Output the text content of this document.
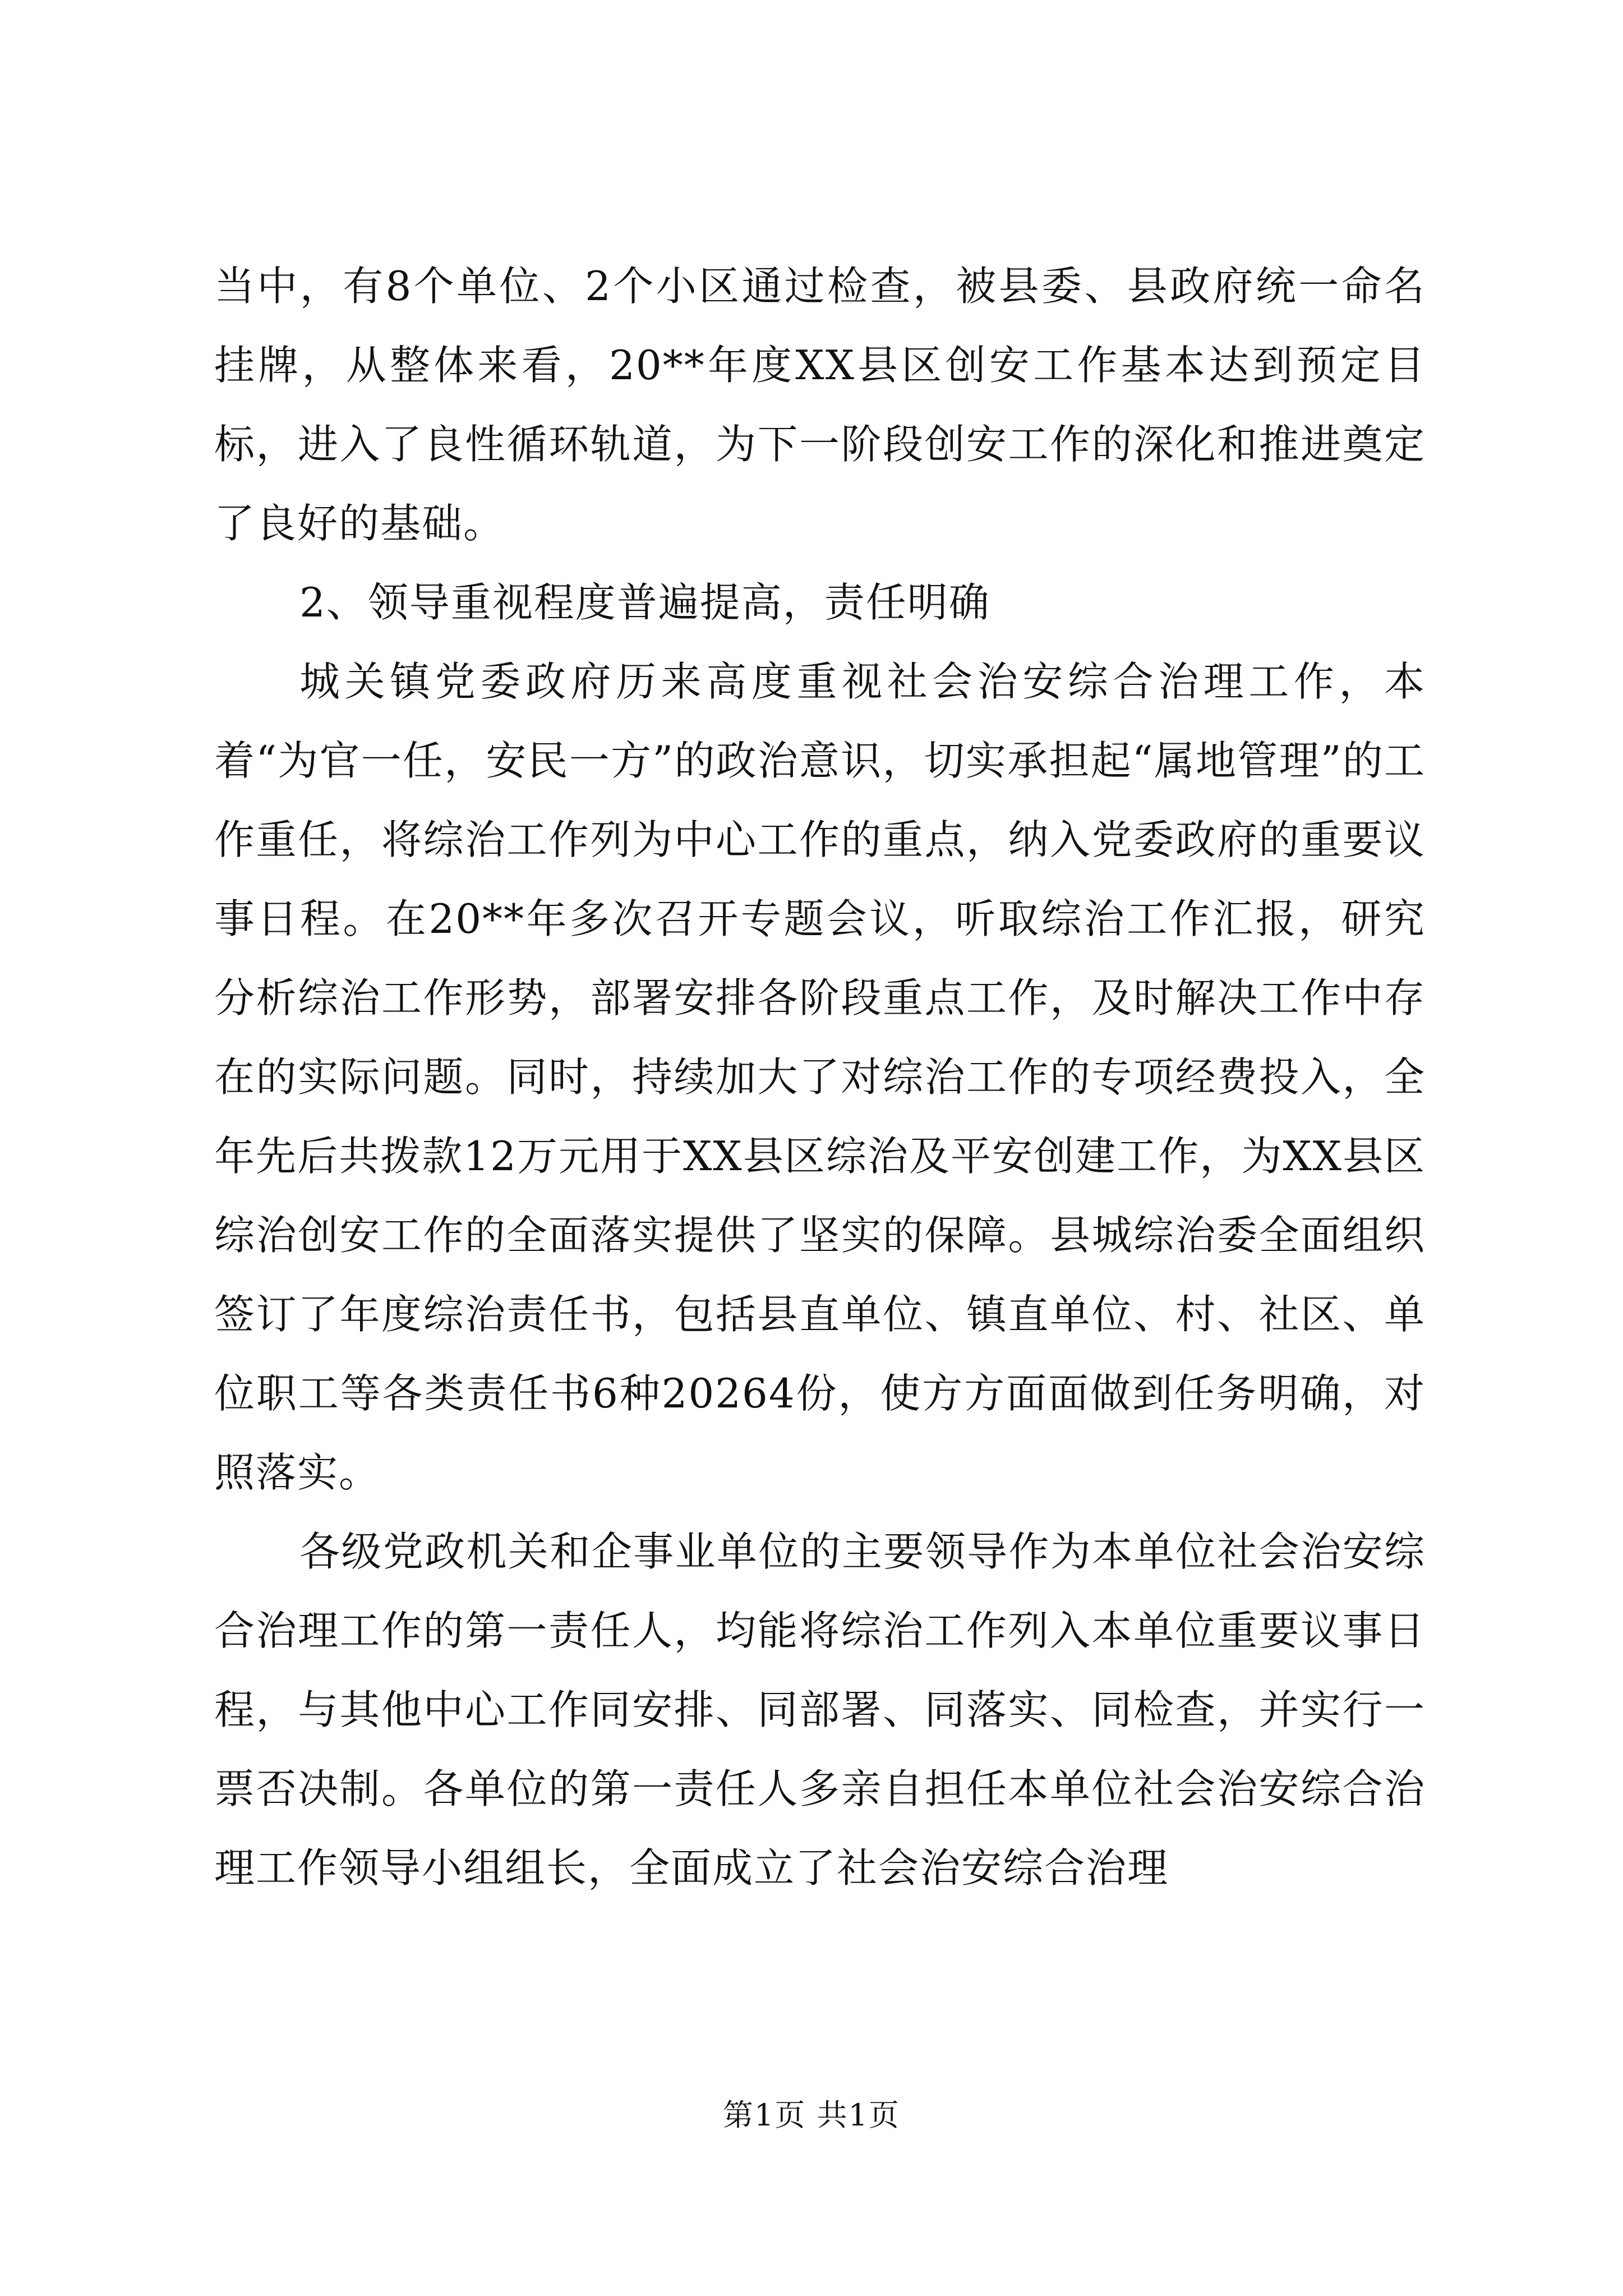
当中，有8个单位、2个小区通过检查，被县委、县政府统一命名挂牌，从整体来看，20**年度XX县区创安工作基本达到预定目标，进入了良性循环轨道，为下一阶段创安工作的深化和推进奠定了良好的基础。

2、领导重视程度普遍提高，责任明确

城关镇党委政府历来高度重视社会治安综合治理工作，本着“为官一任，安民一方”的政治意识，切实承担起“属地管理”的工作重任，将综治工作列为中心工作的重点，纳入党委政府的重要议事日程。在20**年多次召开专题会议，听取综治工作汇报，研究分析综治工作形势，部署安排各阶段重点工作，及时解决工作中存在的实际问题。同时，持续加大了对综治工作的专项经费投入，全年先后共拨款12万元用于XX县区综治及平安创建工作，为XX县区综治创安工作的全面落实提供了坚实的保障。县城综治委全面组织签订了年度综治责任书，包括县直单位、镇直单位、村、社区、单位职工等各类责任书6种20264份，使方方面面做到任务明确，对照落实。

各级党政机关和企事业单位的主要领导作为本单位社会治安综合治理工作的第一责任人，均能将综治工作列入本单位重要议事日程，与其他中心工作同安排、同部署、同落实、同检查，并实行一票否决制。各单位的第一责任人多亲自担任本单位社会治安综合治理工作领导小组组长，全面成立了社会治安综合治理

第1页 共1页
